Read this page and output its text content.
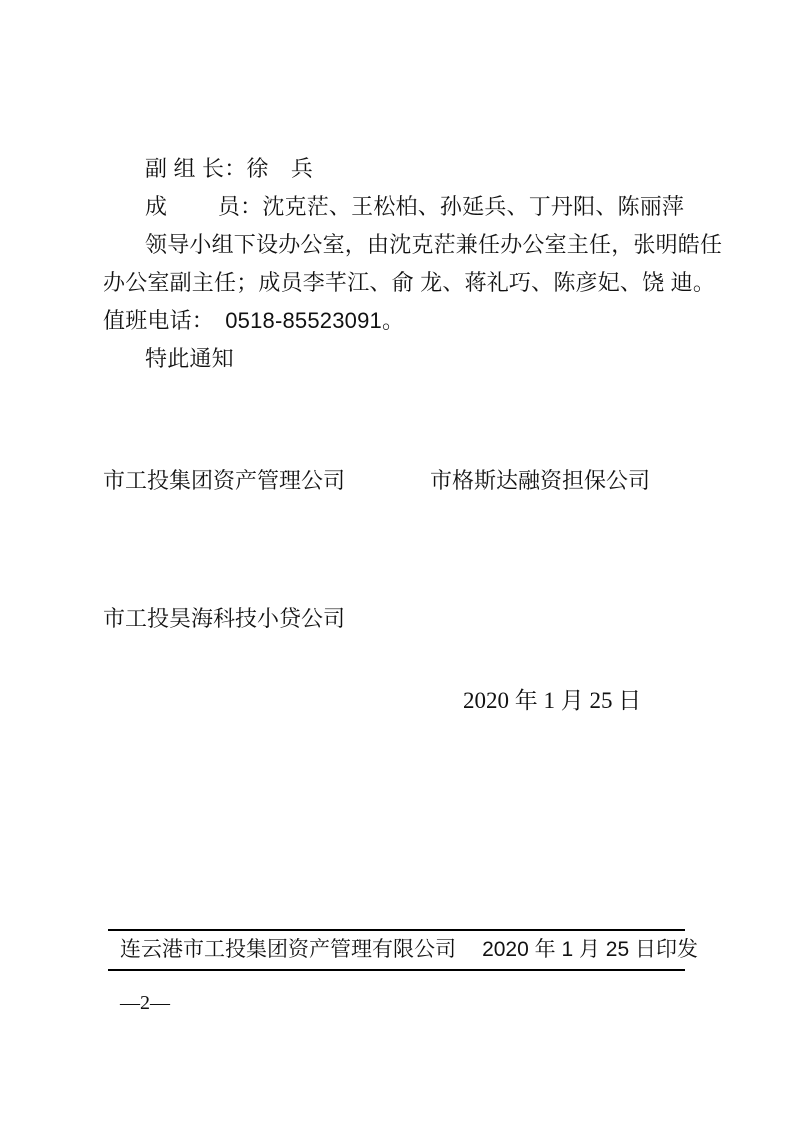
副 组 长：徐　兵

成　　 员：沈克茫、王松柏、孙延兵、丁丹阳、陈丽萍

领导小组下设办公室，由沈克茫兼任办公室主任，张明皓任

办公室副主任；成员李芊江、俞 龙、蒋礼巧、陈彦妃、饶 迪。

值班电话：　0518-85523091。

特此通知

市工投集团资产管理公司	市格斯达融资担保公司
市工投昊海科技小贷公司
2020 年 1 月 25 日
连云港市工投集团资产管理有限公司 2020 年 1 月 25 日印发
—2—
